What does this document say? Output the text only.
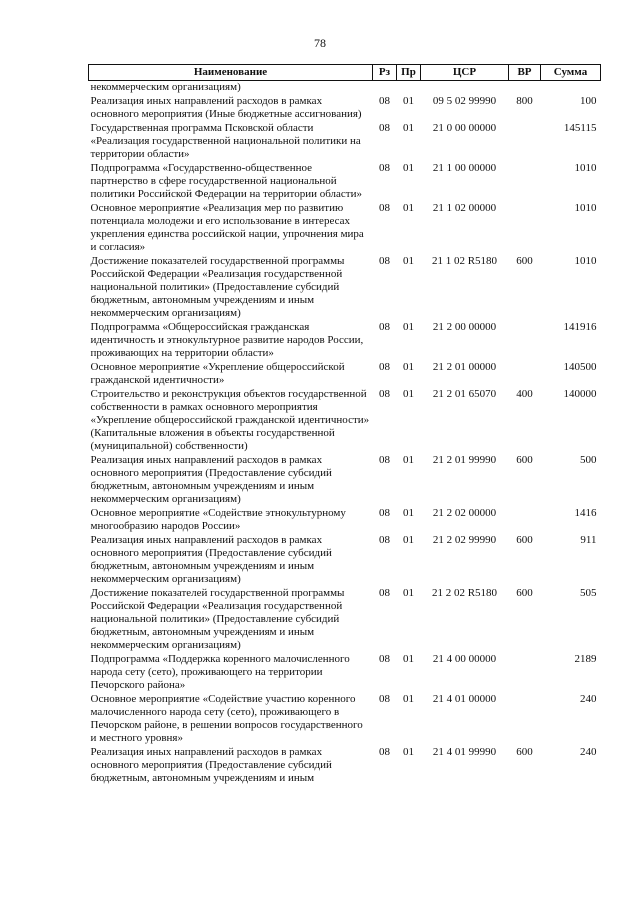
78
Наименование	Рз	Пр	ЦСР	ВР	Сумма
некоммерческим организациям)					
Реализация иных направлений расходов в рамках основного мероприятия (Иные бюджетные ассигнования)	08	01	09 5 02 99990	800	100
Государственная программа Псковской области «Реализация государственной национальной политики на территории области»	08	01	21 0 00 00000		145115
Подпрограмма «Государственно-общественное партнерство в сфере государственной национальной политики Российской Федерации на территории области»	08	01	21 1 00 00000		1010
Основное мероприятие «Реализация мер по развитию потенциала молодежи и его использование в интересах укрепления единства российской нации, упрочнения мира и согласия»	08	01	21 1 02 00000		1010
Достижение показателей государственной программы Российской Федерации «Реализация государственной национальной политики» (Предоставление субсидий бюджетным, автономным учреждениям и иным некоммерческим организациям)	08	01	21 1 02 R5180	600	1010
Подпрограмма «Общероссийская гражданская идентичность и этнокультурное развитие народов России, проживающих на территории области»	08	01	21 2 00 00000		141916
Основное мероприятие «Укрепление общероссийской гражданской идентичности»	08	01	21 2 01 00000		140500
Строительство и реконструкция объектов государственной собственности в рамках основного мероприятия «Укрепление общероссийской гражданской идентичности» (Капитальные вложения в объекты государственной (муниципальной) собственности)	08	01	21 2 01 65070	400	140000
Реализация иных направлений расходов в рамках основного мероприятия (Предоставление субсидий бюджетным, автономным учреждениям и иным некоммерческим организациям)	08	01	21 2 01 99990	600	500
Основное мероприятие «Содействие этнокультурному многообразию народов России»	08	01	21 2 02 00000		1416
Реализация иных направлений расходов в рамках основного мероприятия (Предоставление субсидий бюджетным, автономным учреждениям и иным некоммерческим организациям)	08	01	21 2 02 99990	600	911
Достижение показателей государственной программы Российской Федерации «Реализация государственной национальной политики» (Предоставление субсидий бюджетным, автономным учреждениям и иным некоммерческим организациям)	08	01	21 2 02 R5180	600	505
Подпрограмма «Поддержка коренного малочисленного народа сету (сето), проживающего на территории Печорского района»	08	01	21 4 00 00000		2189
Основное мероприятие «Содействие участию коренного малочисленного народа сету (сето), проживающего в Печорском районе, в решении вопросов государственного и местного уровня»	08	01	21 4 01 00000		240
Реализация иных направлений расходов в рамках основного мероприятия (Предоставление субсидий бюджетным, автономным учреждениям и иным	08	01	21 4 01 99990	600	240
